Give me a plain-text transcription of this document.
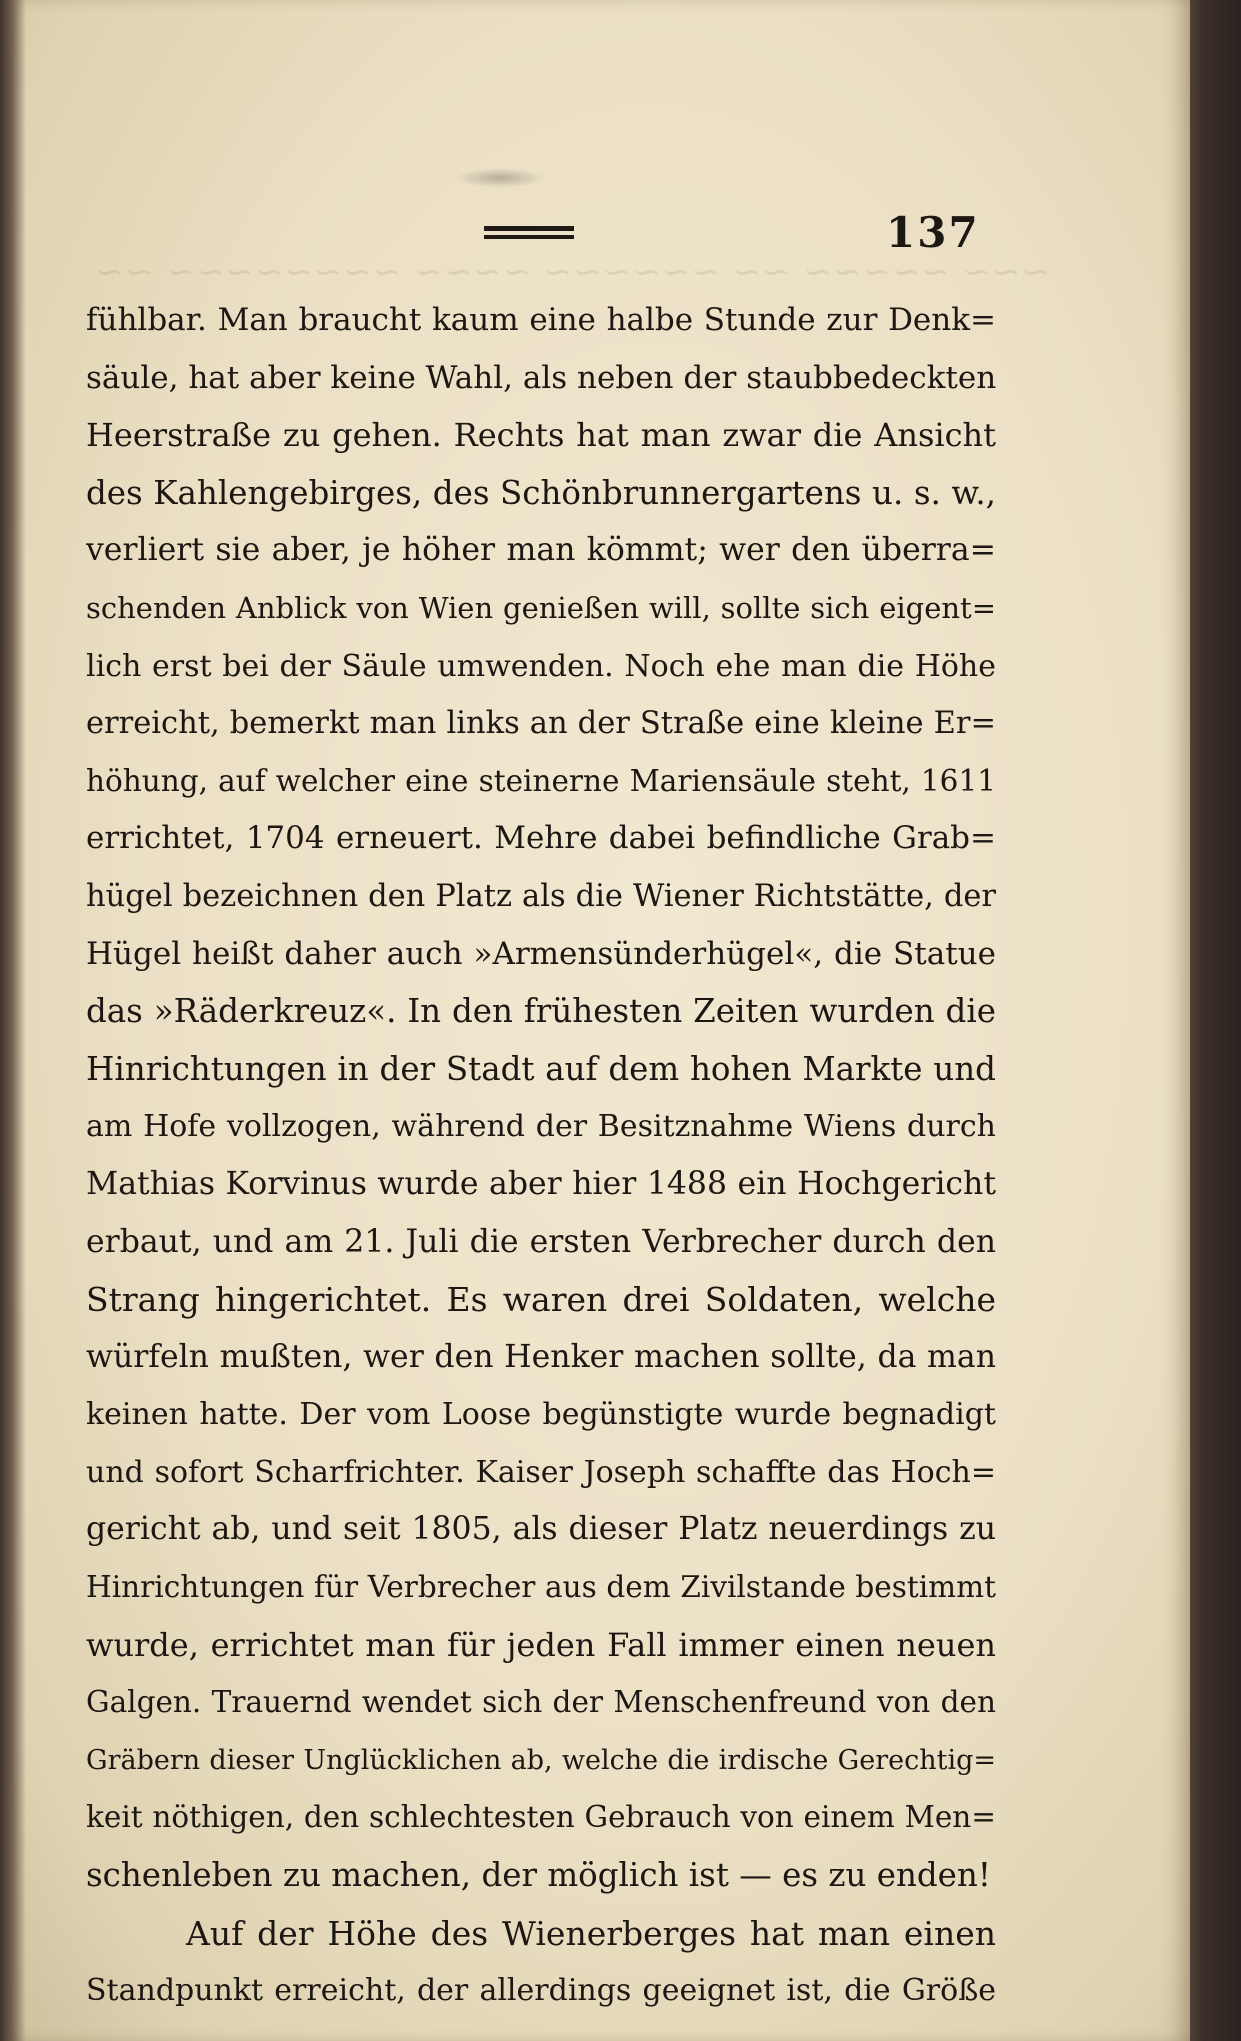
~~~ ~~~~~ ~~ ~~~~~~ ~~~~ ~~~~~~~~ ~~
137
fühlbar. Man braucht kaum eine halbe Stunde zur Denk=
säule, hat aber keine Wahl, als neben der staubbedeckten
Heerstraße zu gehen. Rechts hat man zwar die Ansicht
des Kahlengebirges, des Schönbrunnergartens u. s. w.,
verliert sie aber, je höher man kömmt; wer den überra=
schenden Anblick von Wien genießen will, sollte sich eigent=
lich erst bei der Säule umwenden. Noch ehe man die Höhe
erreicht, bemerkt man links an der Straße eine kleine Er=
höhung, auf welcher eine steinerne Mariensäule steht, 1611
errichtet, 1704 erneuert. Mehre dabei befindliche Grab=
hügel bezeichnen den Platz als die Wiener Richtstätte, der
Hügel heißt daher auch »Armensünderhügel«, die Statue
das »Räderkreuz«. In den frühesten Zeiten wurden die
Hinrichtungen in der Stadt auf dem hohen Markte und
am Hofe vollzogen, während der Besitznahme Wiens durch
Mathias Korvinus wurde aber hier 1488 ein Hochgericht
erbaut, und am 21. Juli die ersten Verbrecher durch den
Strang hingerichtet. Es waren drei Soldaten, welche
würfeln mußten, wer den Henker machen sollte, da man
keinen hatte. Der vom Loose begünstigte wurde begnadigt
und sofort Scharfrichter. Kaiser Joseph schaffte das Hoch=
gericht ab, und seit 1805, als dieser Platz neuerdings zu
Hinrichtungen für Verbrecher aus dem Zivilstande bestimmt
wurde, errichtet man für jeden Fall immer einen neuen
Galgen. Trauernd wendet sich der Menschenfreund von den
Gräbern dieser Unglücklichen ab, welche die irdische Gerechtig=
keit nöthigen, den schlechtesten Gebrauch von einem Men=
schenleben zu machen, der möglich ist — es zu enden!
Auf der Höhe des Wienerberges hat man einen
Standpunkt erreicht, der allerdings geeignet ist, die Größe
